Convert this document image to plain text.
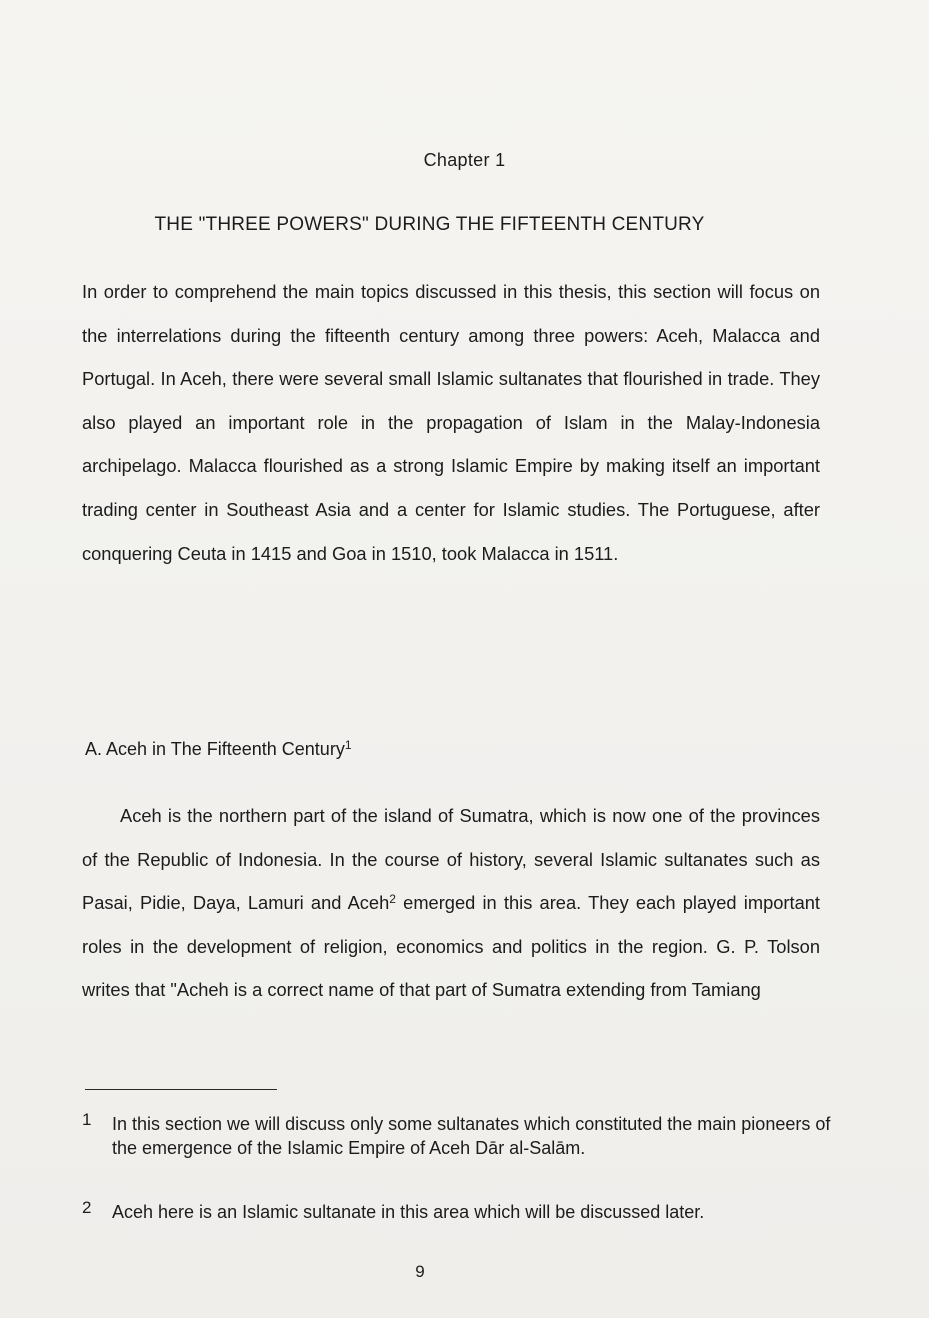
Chapter 1
THE "THREE POWERS" DURING THE FIFTEENTH CENTURY
In order to comprehend the main topics discussed in this thesis, this section will focus on the interrelations during the fifteenth century among three powers: Aceh, Malacca and Portugal. In Aceh, there were several small Islamic sultanates that flourished in trade. They also played an important role in the propagation of Islam in the Malay-Indonesia archipelago. Malacca flourished as a strong Islamic Empire by making itself an important trading center in Southeast Asia and a center for Islamic studies. The Portuguese, after conquering Ceuta in 1415 and Goa in 1510, took Malacca in 1511.
A. Aceh in The Fifteenth Century$^1$
Aceh is the northern part of the island of Sumatra, which is now one of the provinces of the Republic of Indonesia. In the course of history, several Islamic sultanates such as Pasai, Pidie, Daya, Lamuri and Aceh$^2$ emerged in this area. They each played important roles in the development of religion, economics and politics in the region. G. P. Tolson writes that "Acheh is a correct name of that part of Sumatra extending from Tamiang
1 In this section we will discuss only some sultanates which constituted the main pioneers of the emergence of the Islamic Empire of Aceh Dār al-Salām.
2 Aceh here is an Islamic sultanate in this area which will be discussed later.
9
